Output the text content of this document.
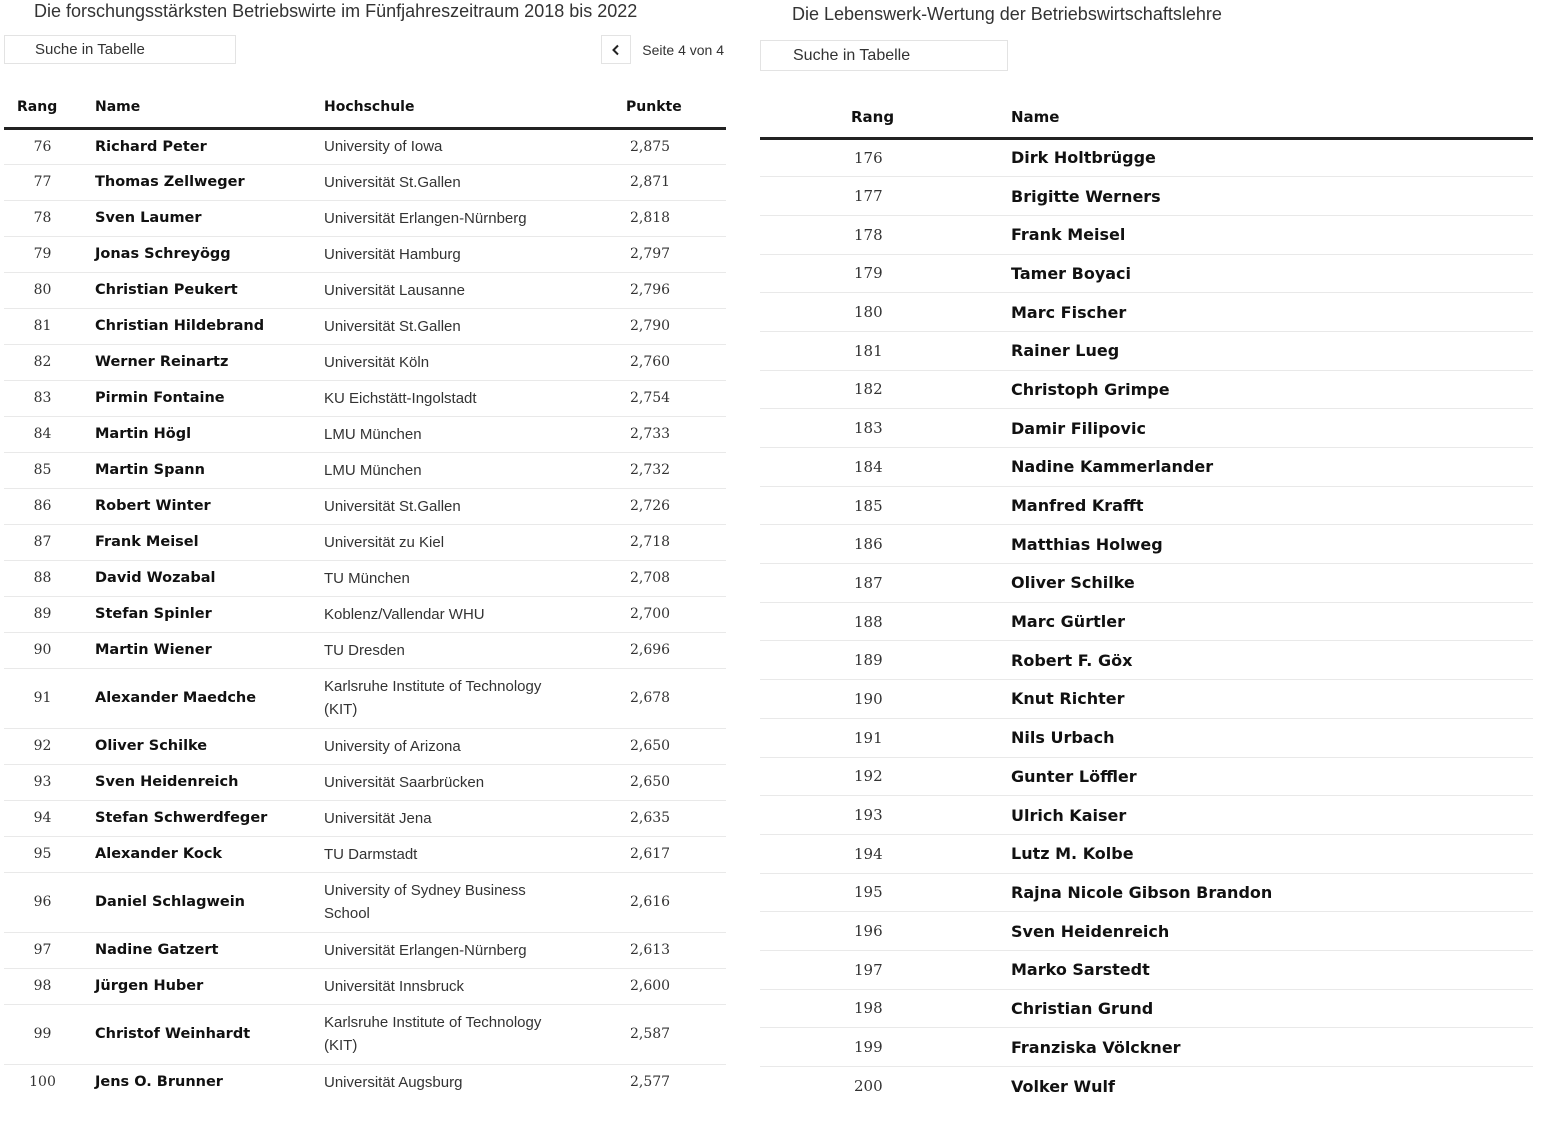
Die forschungsstärksten Betriebswirte im Fünfjahreszeitraum 2018 bis 2022
Suche in Tabelle
Seite 4 von 4
Rang	Name	Hochschule	Punkte
76	Richard Peter	University of Iowa	2,875
77	Thomas Zellweger	Universität St.Gallen	2,871
78	Sven Laumer	Universität Erlangen-Nürnberg	2,818
79	Jonas Schreyögg	Universität Hamburg	2,797
80	Christian Peukert	Universität Lausanne	2,796
81	Christian Hildebrand	Universität St.Gallen	2,790
82	Werner Reinartz	Universität Köln	2,760
83	Pirmin Fontaine	KU Eichstätt-Ingolstadt	2,754
84	Martin Högl	LMU München	2,733
85	Martin Spann	LMU München	2,732
86	Robert Winter	Universität St.Gallen	2,726
87	Frank Meisel	Universität zu Kiel	2,718
88	David Wozabal	TU München	2,708
89	Stefan Spinler	Koblenz/Vallendar WHU	2,700
90	Martin Wiener	TU Dresden	2,696
91	Alexander Maedche	Karlsruhe Institute of Technology (KIT)	2,678
92	Oliver Schilke	University of Arizona	2,650
93	Sven Heidenreich	Universität Saarbrücken	2,650
94	Stefan Schwerdfeger	Universität Jena	2,635
95	Alexander Kock	TU Darmstadt	2,617
96	Daniel Schlagwein	University of Sydney Business School	2,616
97	Nadine Gatzert	Universität Erlangen-Nürnberg	2,613
98	Jürgen Huber	Universität Innsbruck	2,600
99	Christof Weinhardt	Karlsruhe Institute of Technology (KIT)	2,587
100	Jens O. Brunner	Universität Augsburg	2,577
Die Lebenswerk-Wertung der Betriebswirtschaftslehre
Suche in Tabelle
Rang	Name
176	Dirk Holtbrügge
177	Brigitte Werners
178	Frank Meisel
179	Tamer Boyaci
180	Marc Fischer
181	Rainer Lueg
182	Christoph Grimpe
183	Damir Filipovic
184	Nadine Kammerlander
185	Manfred Krafft
186	Matthias Holweg
187	Oliver Schilke
188	Marc Gürtler
189	Robert F. Göx
190	Knut Richter
191	Nils Urbach
192	Gunter Löffler
193	Ulrich Kaiser
194	Lutz M. Kolbe
195	Rajna Nicole Gibson Brandon
196	Sven Heidenreich
197	Marko Sarstedt
198	Christian Grund
199	Franziska Völckner
200	Volker Wulf
